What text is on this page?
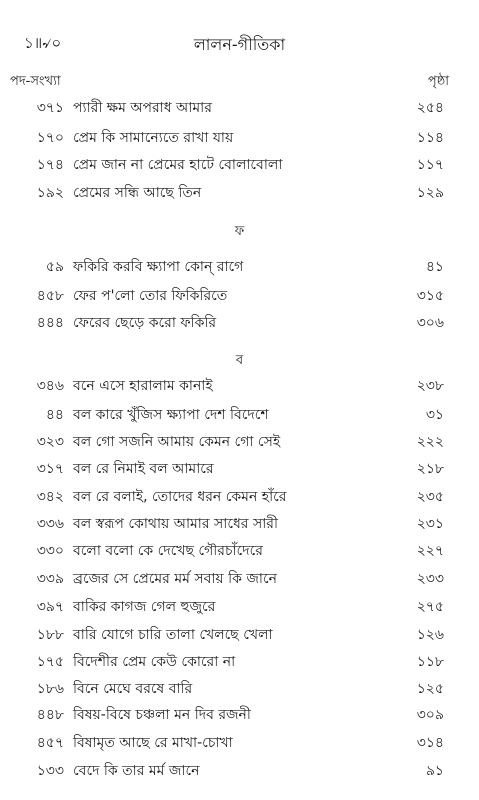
১॥৵০	লালন-গীতিকা
পদ-সংখ্যা	পৃষ্ঠা
৩৭১ প্যারী ক্ষম অপরাধ আমার	২৫৪
১৭০ প্রেম কি সামান্যেতে রাখা যায়	১১৪
১৭৪ প্রেম জান না প্রেমের হাটে বোলাবোলা	১১৭
১৯২ প্রেমের সন্ধি আছে তিন	১২৯
ফ
৫৯ ফকিরি করবি ক্ষ্যাপা কোন্ রাগে	৪১
৪৫৮ ফের প'লো তোর ফিকিরিতে	৩১৫
৪৪৪ ফেরেব ছেড়ে করো ফকিরি	৩০৬
ব
৩৪৬ বনে এসে হারালাম কানাই	২৩৮
৪৪ বল কারে খুঁজিস ক্ষ্যাপা দেশ বিদেশে	৩১
৩২৩ বল গো সজনি আমায় কেমন গো সেই	২২২
৩১৭ বল রে নিমাই বল আমারে	২১৮
৩৪২ বল রে বলাই, তোদের ধরন কেমন হাঁরে	২৩৫
৩৩৬ বল স্বরূপ কোথায় আমার সাধের সারী	২৩১
৩৩০ বলো বলো কে দেখেছ গৌরচাঁদেরে	২২৭
৩৩৯ ব্রজের সে প্রেমের মর্ম সবায় কি জানে	২৩৩
৩৯৭ বাকির কাগজ গেল হুজুরে	২৭৫
১৮৮ বারি যোগে চারি তালা খেলছে খেলা	১২৬
১৭৫ বিদেশীর প্রেম কেউ কোরো না	১১৮
১৮৬ বিনে মেঘে বরষে বারি	১২৫
৪৪৮ বিষয়-বিষে চঞ্চলা মন দিব রজনী	৩০৯
৪৫৭ বিষামৃত আছে রে মাখা-চোখা	৩১৪
১৩৩ বেদে কি তার মর্ম জানে	৯১
